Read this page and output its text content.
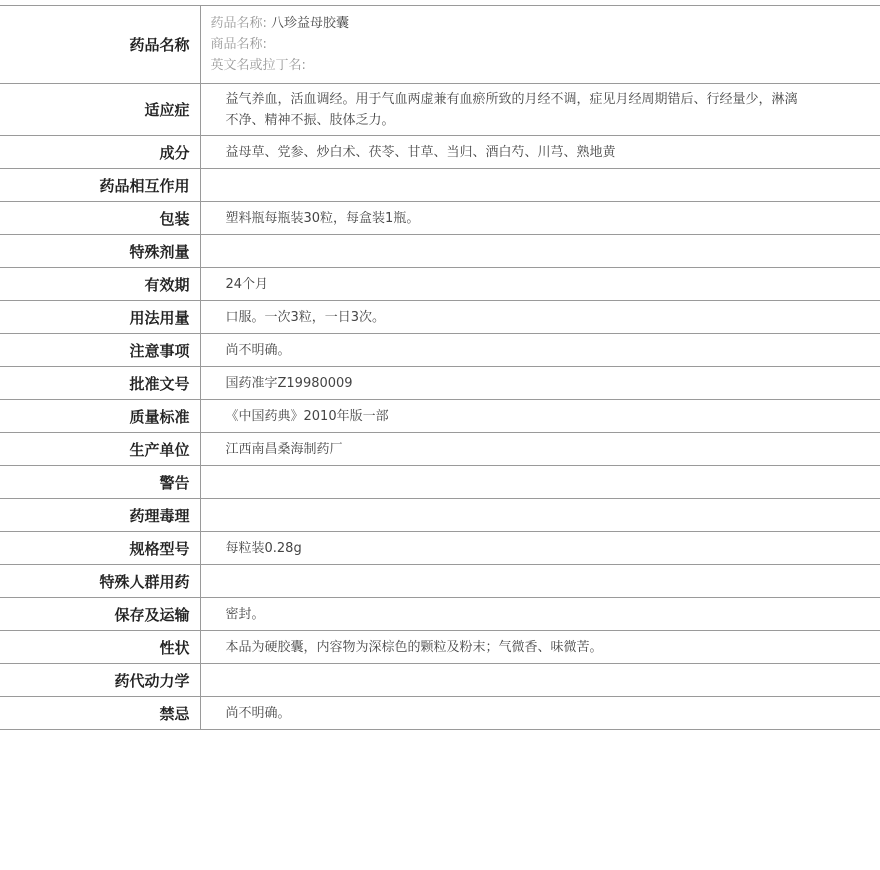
药品名称	药品名称: 八珍益母胶囊
商品名称:
英文名或拉丁名:

适应症	益气养血，活血调经。用于气血两虚兼有血瘀所致的月经不调，症见月经周期错后、行经量少，淋漓不净、精神不振、肢体乏力。
成分	益母草、党参、炒白术、茯苓、甘草、当归、酒白芍、川芎、熟地黄
药品相互作用	
包装	塑料瓶每瓶装30粒，每盒装1瓶。
特殊剂量	
有效期	24个月
用法用量	口服。一次3粒，一日3次。
注意事项	尚不明确。
批准文号	国药准字Z19980009
质量标准	《中国药典》2010年版一部
生产单位	江西南昌桑海制药厂
警告	
药理毒理	
规格型号	每粒装0.28g
特殊人群用药	
保存及运输	密封。
性状	本品为硬胶囊，内容物为深棕色的颗粒及粉末；气微香、味微苦。
药代动力学	
禁忌	尚不明确。
